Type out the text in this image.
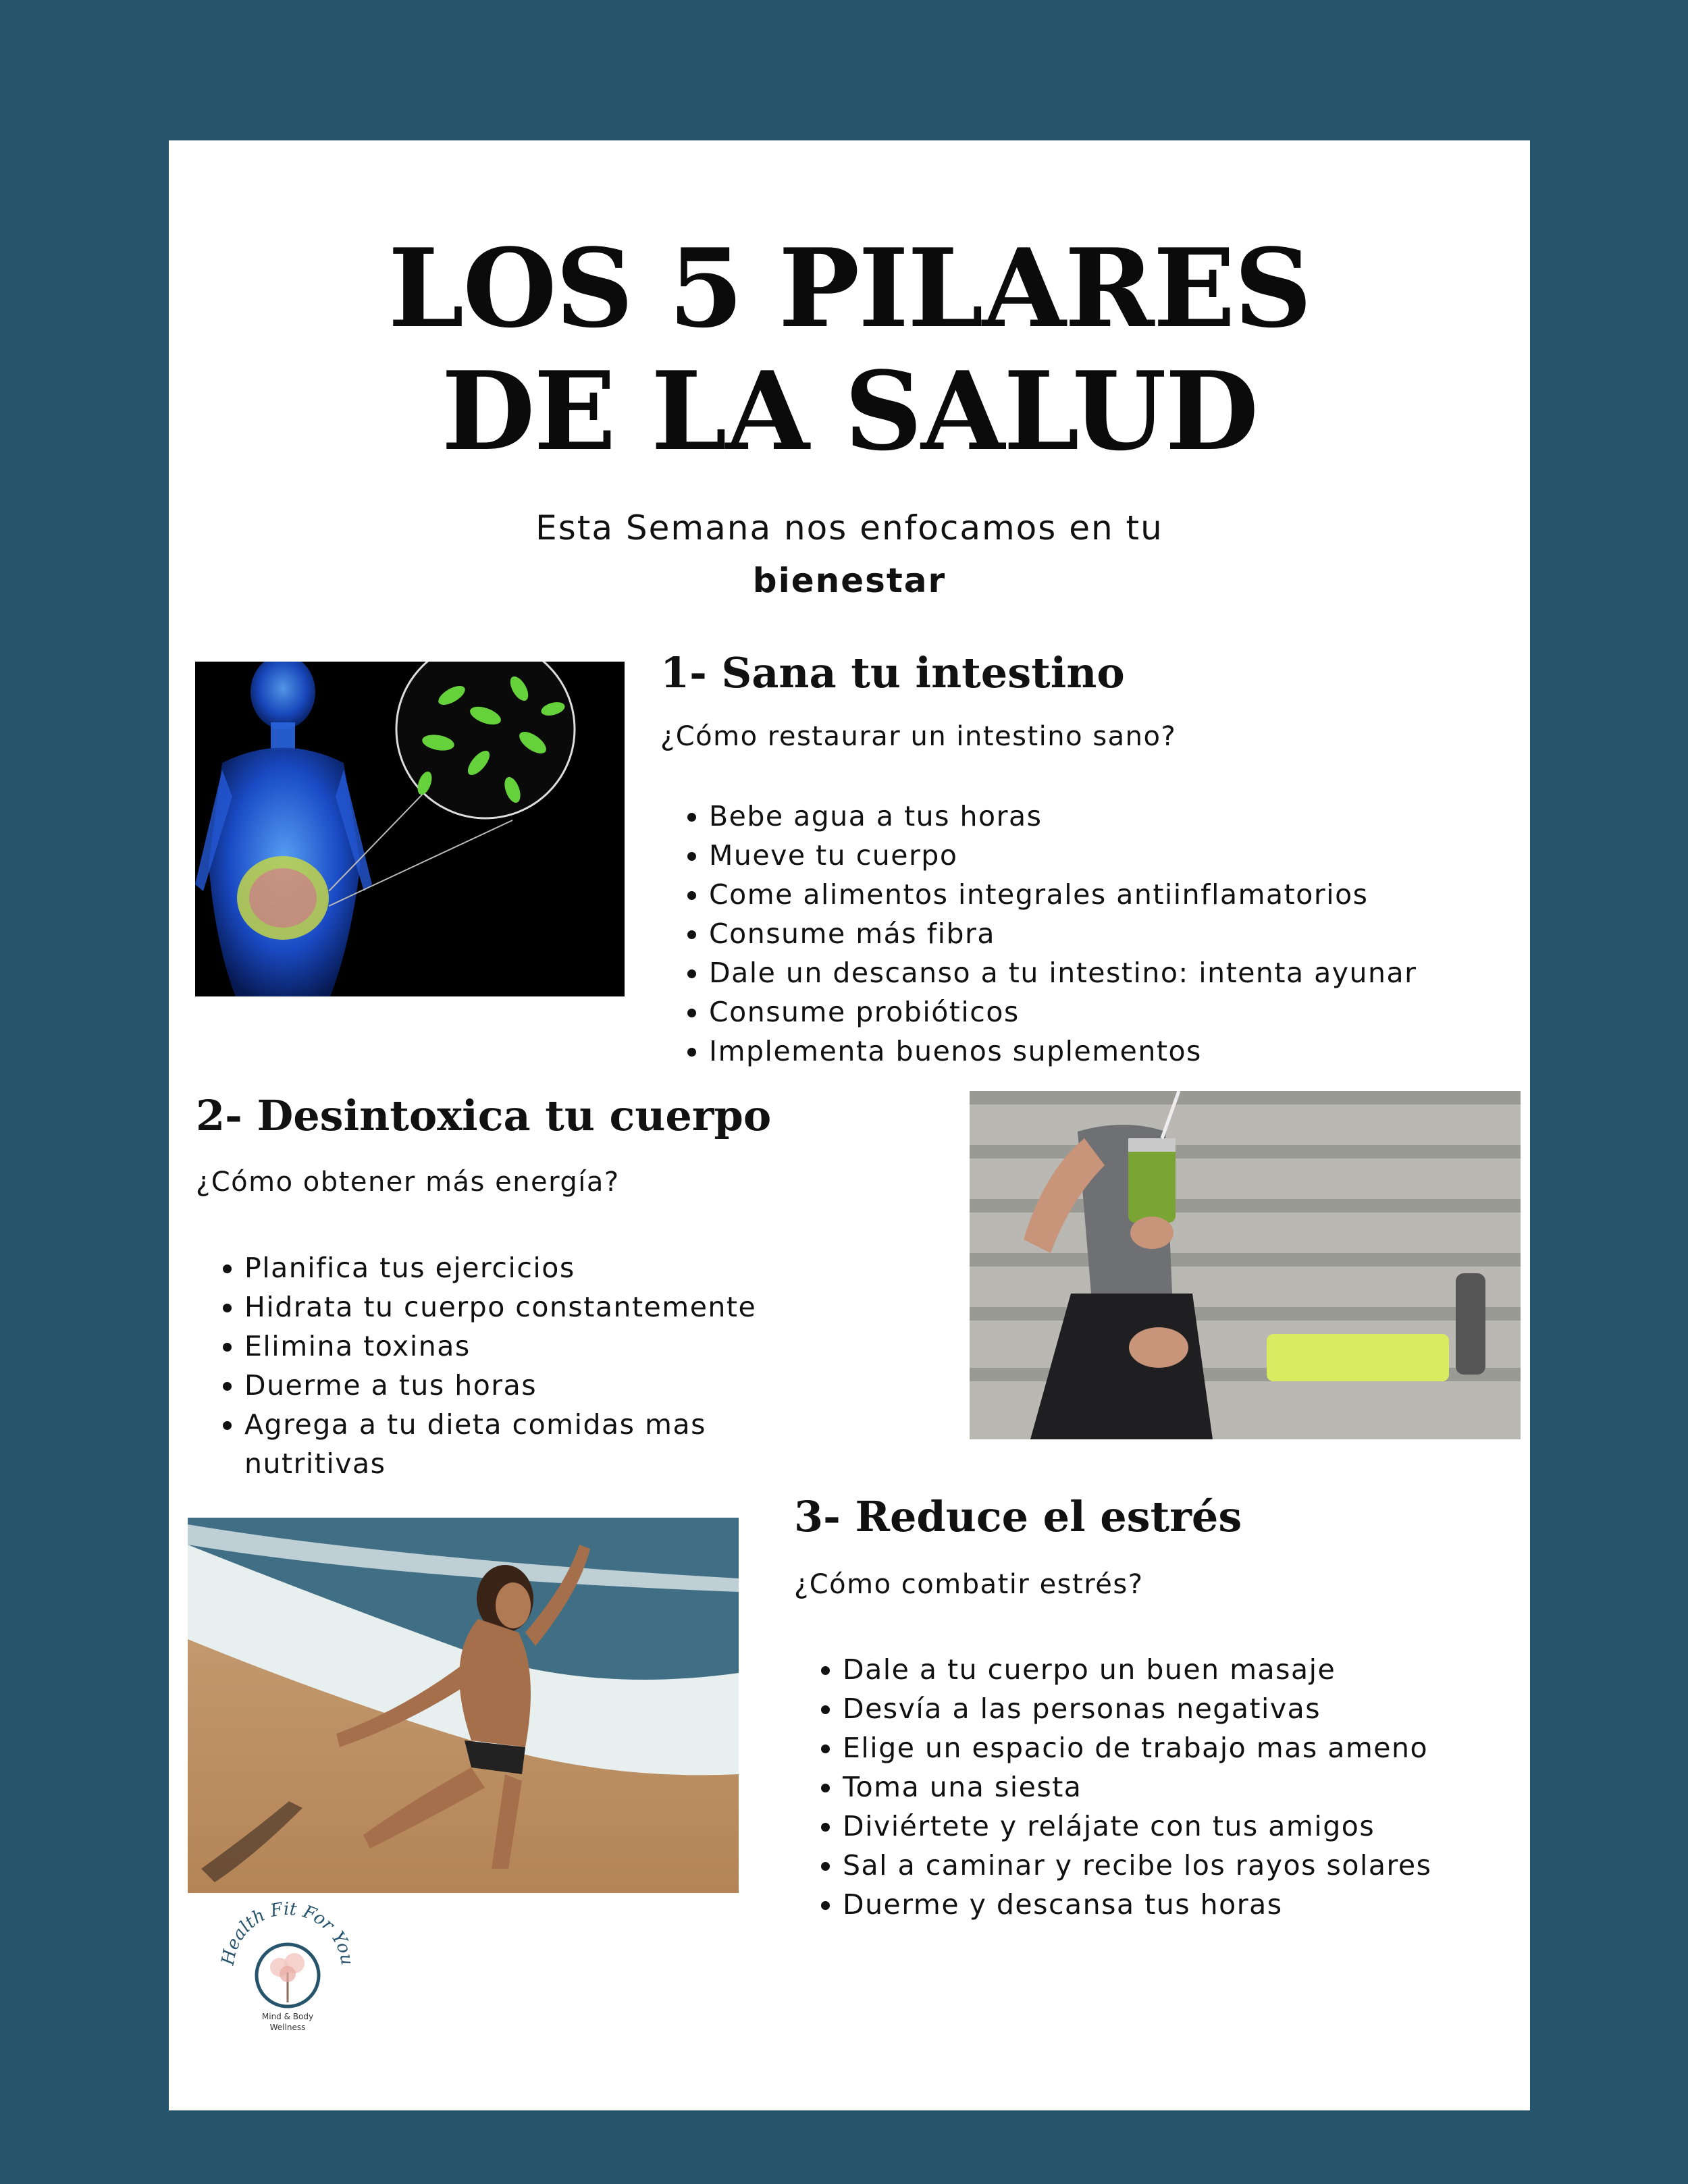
LOS 5 PILARES
DE LA SALUD
Esta Semana nos enfocamos en tu
bienestar
1- Sana tu intestino

¿Cómo restaurar un intestino sano?

• Bebe agua a tus horas
• Mueve tu cuerpo
• Come alimentos integrales antiinflamatorios
• Consume más fibra
• Dale un descanso a tu intestino: intenta ayunar
• Consume probióticos
• Implementa buenos suplementos
2- Desintoxica tu cuerpo

¿Cómo obtener más energía?

• Planifica tus ejercicios
• Hidrata tu cuerpo constantemente
• Elimina toxinas
• Duerme a tus horas
• Agrega a tu dieta comidas mas nutritivas
3- Reduce el estrés

¿Cómo combatir estrés?

• Dale a tu cuerpo un buen masaje
• Desvía a las personas negativas
• Elige un espacio de trabajo mas ameno
• Toma una siesta
• Diviértete y relájate con tus amigos
• Sal a caminar y recibe los rayos solares
• Duerme y descansa tus horas
Health Fit For You
Mind & Body
Wellness
